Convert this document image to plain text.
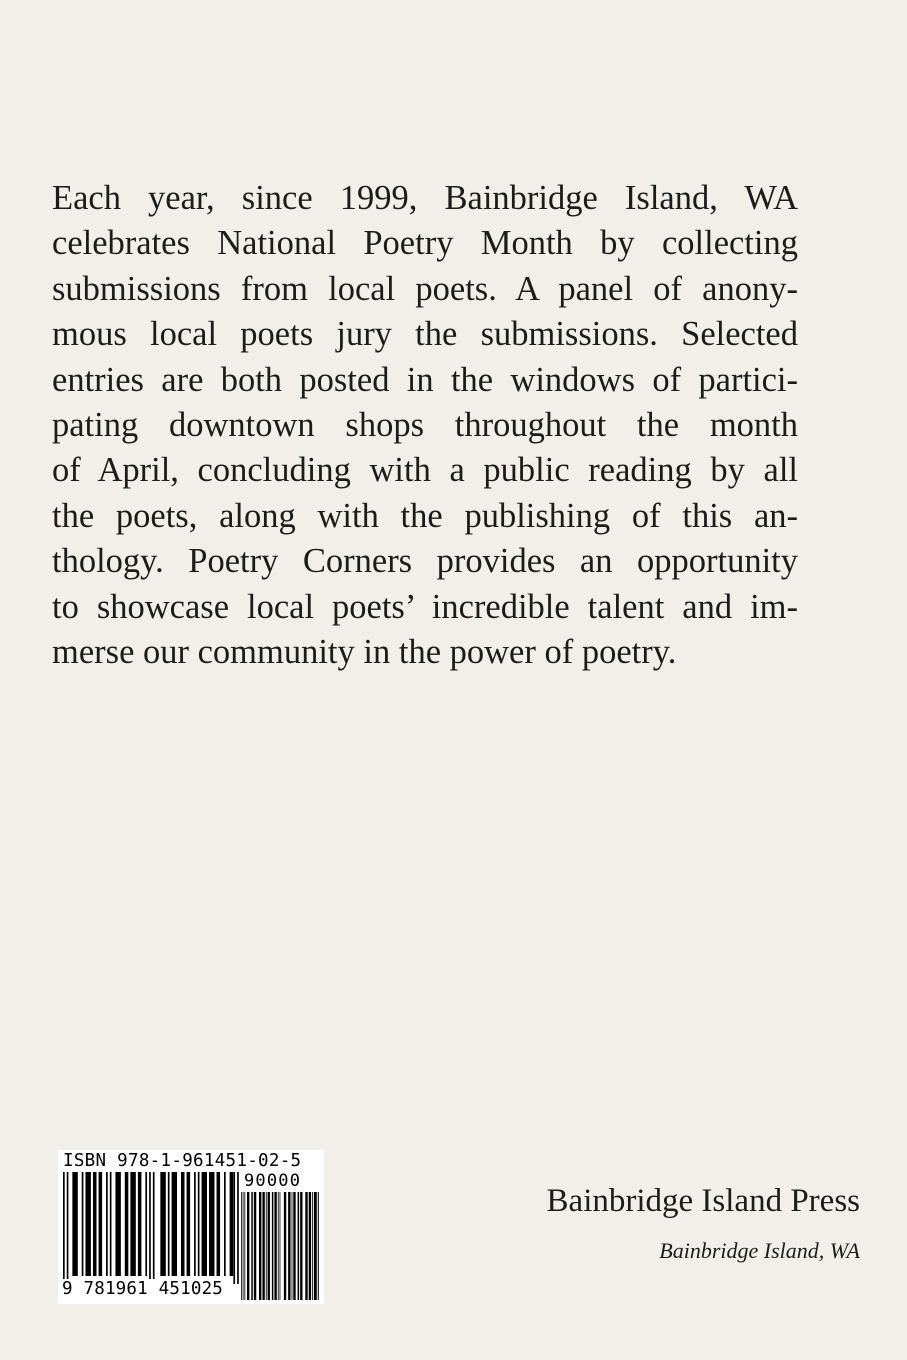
Each year, since 1999, Bainbridge Island, WA
celebrates National Poetry Month by collecting
submissions from local poets. A panel of anony-
mous local poets jury the submissions. Selected
entries are both posted in the windows of partici-
pating downtown shops throughout the month
of April, concluding with a public reading by all
the poets, along with the publishing of this an-
thology. Poetry Corners provides an opportunity
to showcase local poets’ incredible talent and im-
merse our community in the power of poetry.
ISBN 978-1-961451-02-5
90000
9 781961 451025
Bainbridge Island Press
Bainbridge Island, WA
